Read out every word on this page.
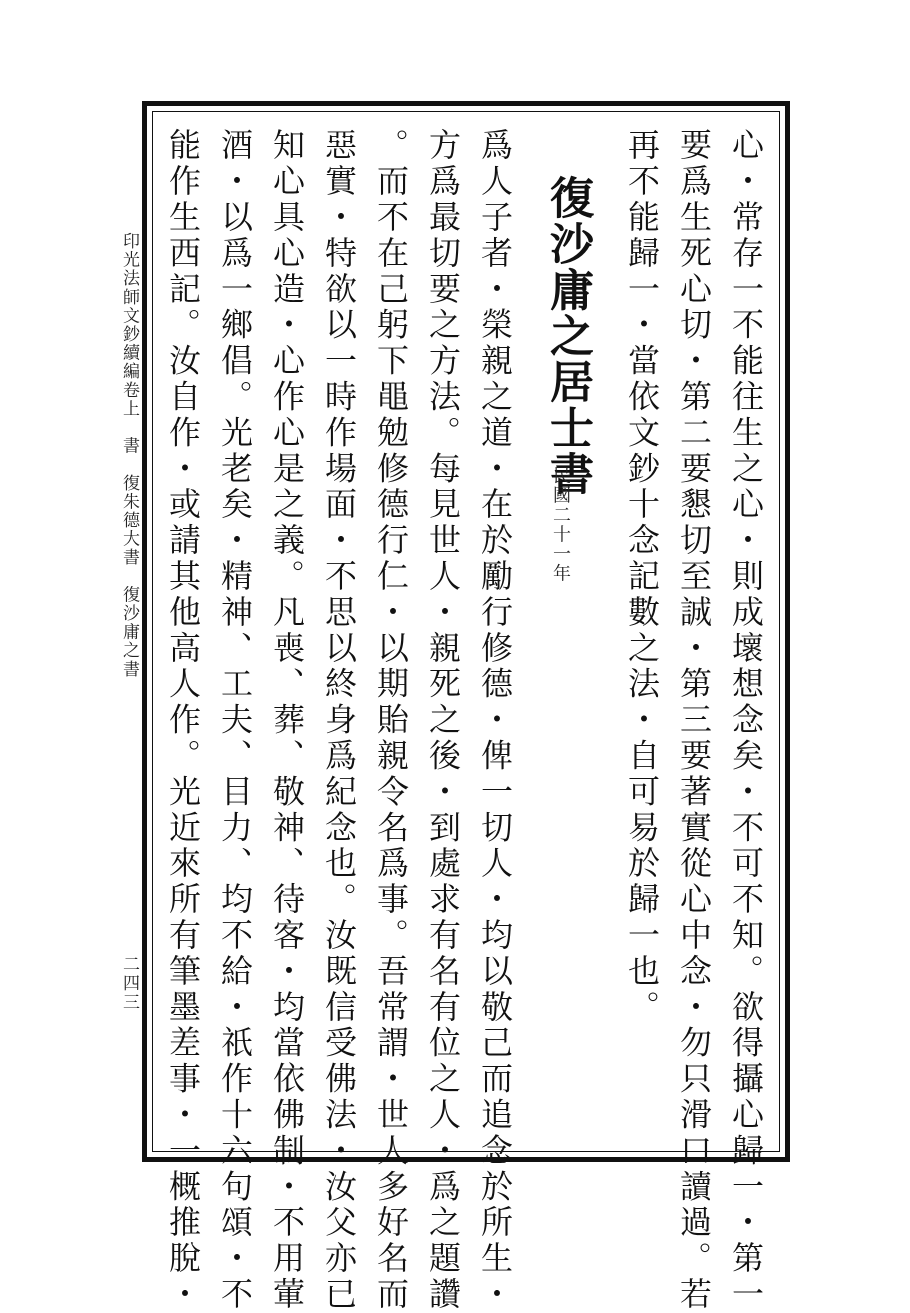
印光法師文鈔續編卷上　書　復朱德大書　復沙庸之書
二四三	心・常存一不能往生之心・則成壞想念矣・不可不知。欲得攝心歸一・第一
要爲生死心切・第二要懇切至誠・第三要著實從心中念・勿只滑口讀過。若
再不能歸一・當依文鈔十念記數之法・自可易於歸一也。
復沙庸之居士書
民國二十一年
爲人子者・榮親之道・在於勵行修德・俾一切人・均以敬己而追念於所生・
方爲最切要之方法。每見世人・親死之後・到處求有名有位之人・爲之題讚
。而不在己躬下黽勉修德行仁・以期貽親令名爲事。吾常謂・世人多好名而
惡實・特欲以一時作場面・不思以終身爲紀念也。汝既信受佛法・汝父亦已
知心具心造・心作心是之義。凡喪、葬、敬神、待客・均當依佛制・不用葷
酒・以爲一鄉倡。光老矣・精神、工夫、目力、均不給・祇作十六句頌・不
能作生西記。汝自作・或請其他高人作。光近來所有筆墨差事・一概推脫・
